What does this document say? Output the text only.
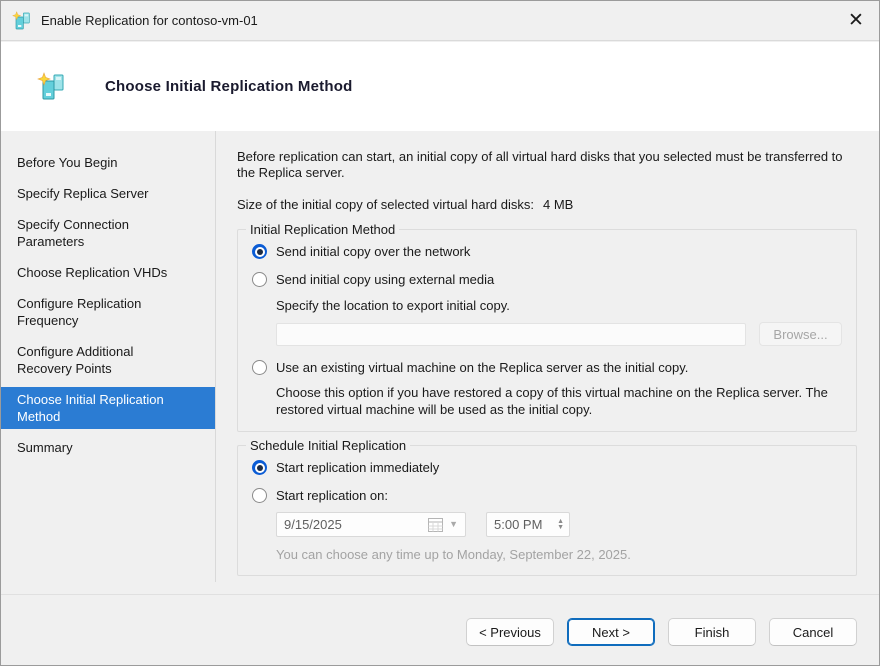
Enable Replication for contoso-vm-01	✕
Choose Initial Replication Method
Before You Begin
Specify Replica Server
Specify Connection Parameters
Choose Replication VHDs
Configure Replication Frequency
Configure Additional Recovery Points
Choose Initial Replication Method
Summary
Before replication can start, an initial copy of all virtual hard disks that you selected must be transferred to the Replica server.
Size of the initial copy of selected virtual hard disks: 4 MB
Initial Replication Method
Send initial copy over the network
Send initial copy using external media
Specify the location to export initial copy.
Browse...
Use an existing virtual machine on the Replica server as the initial copy.
Choose this option if you have restored a copy of this virtual machine on the Replica server. The restored virtual machine will be used as the initial copy.
Schedule Initial Replication
Start replication immediately
Start replication on:
9/15/2025	▼	5:00 PM ▲
▼
You can choose any time up to Monday, September 22, 2025.
< Previous	Next >	Finish	Cancel
